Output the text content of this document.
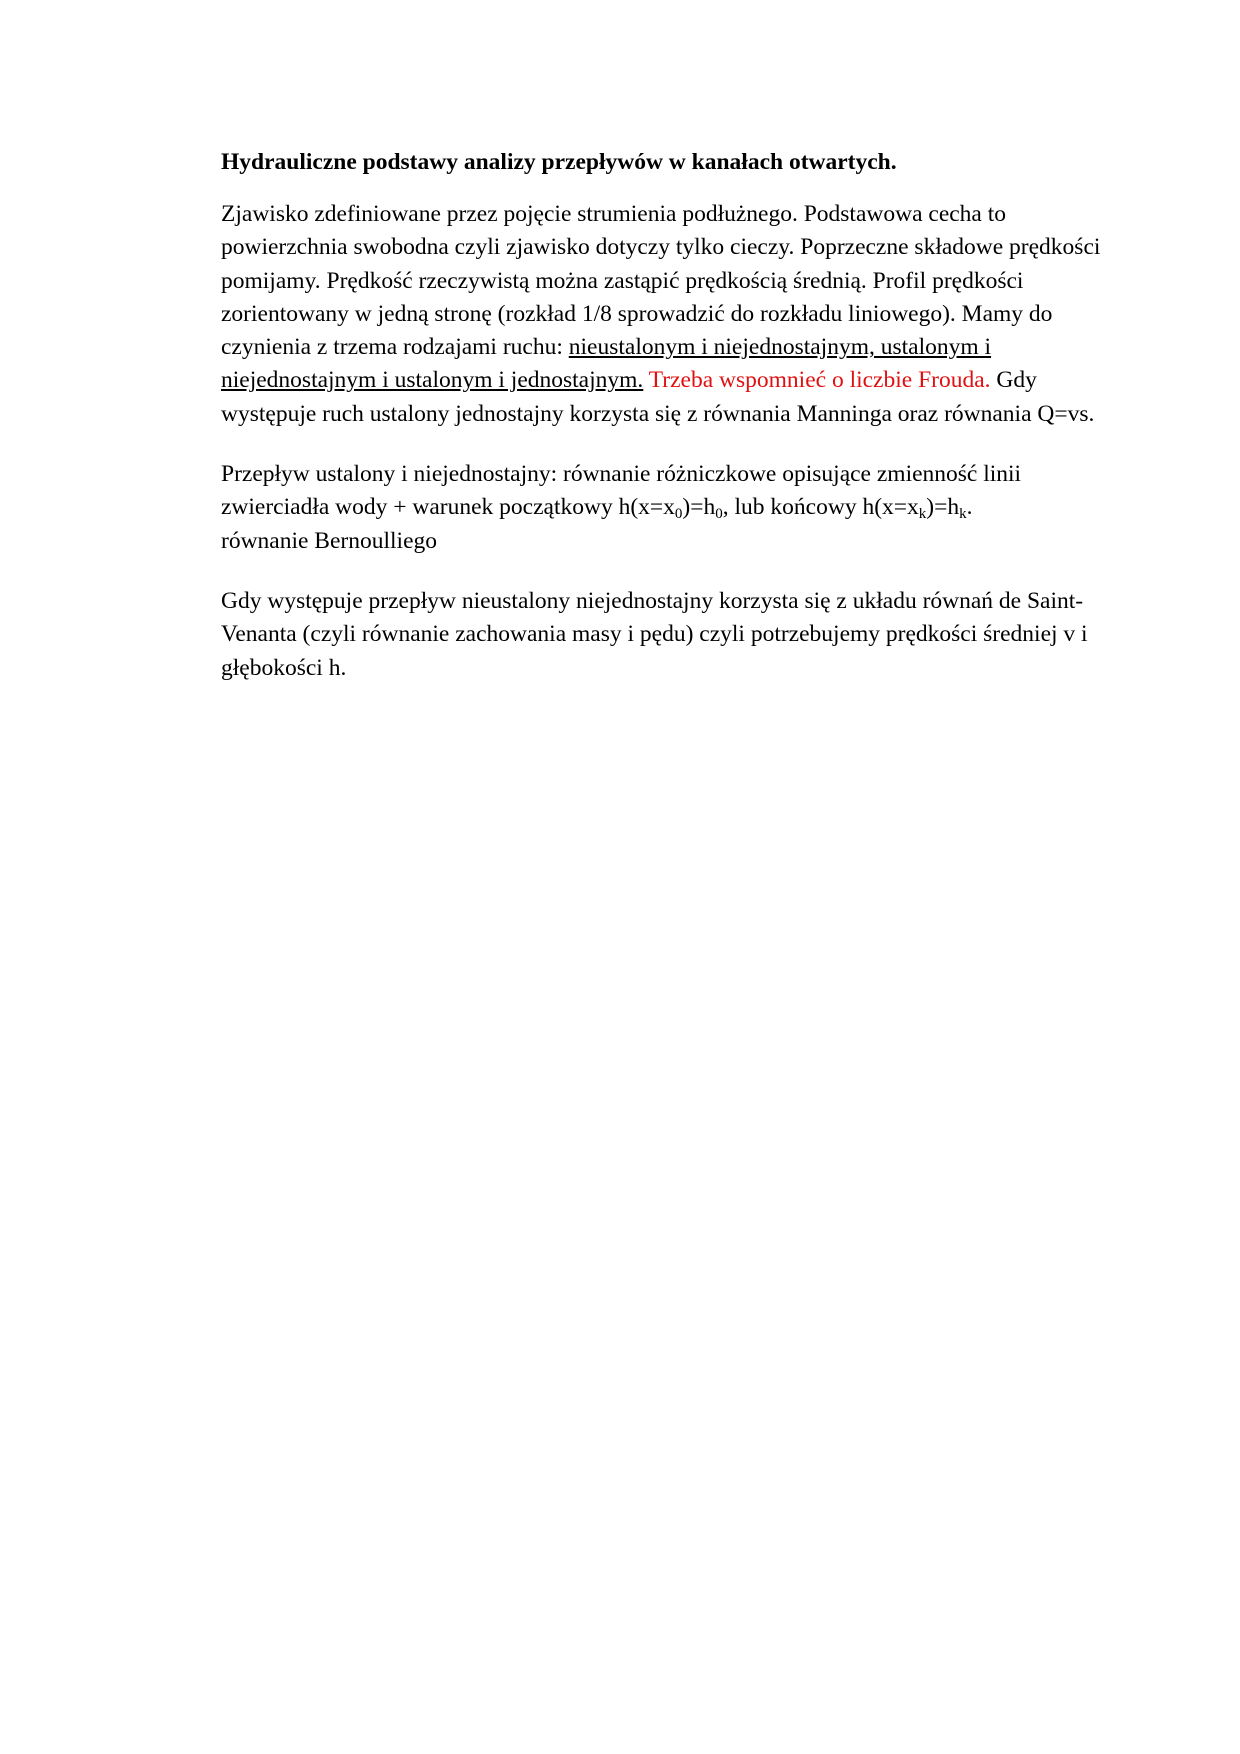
Hydrauliczne podstawy analizy przepływów w kanałach otwartych.

Zjawisko zdefiniowane przez pojęcie strumienia podłużnego. Podstawowa cecha to powierzchnia swobodna czyli zjawisko dotyczy tylko cieczy. Poprzeczne składowe prędkości pomijamy. Prędkość rzeczywistą można zastąpić prędkością średnią. Profil prędkości zorientowany w jedną stronę (rozkład 1/8 sprowadzić do rozkładu liniowego). Mamy do czynienia z trzema rodzajami ruchu: nieustalonym i niejednostajnym, ustalonym i niejednostajnym i ustalonym i jednostajnym. Trzeba wspomnieć o liczbie Frouda. Gdy występuje ruch ustalony jednostajny korzysta się z równania Manninga oraz równania Q=vs.

Przepływ ustalony i niejednostajny: równanie różniczkowe opisujące zmienność linii zwierciadła wody + warunek początkowy $h(x=x_0)=h_0$, lub końcowy $h(x=x_k)=h_k$.
równanie Bernoulliego

Gdy występuje przepływ nieustalony niejednostajny korzysta się z układu równań de Saint-Venanta (czyli równanie zachowania masy i pędu) czyli potrzebujemy prędkości średniej v i głębokości h.
